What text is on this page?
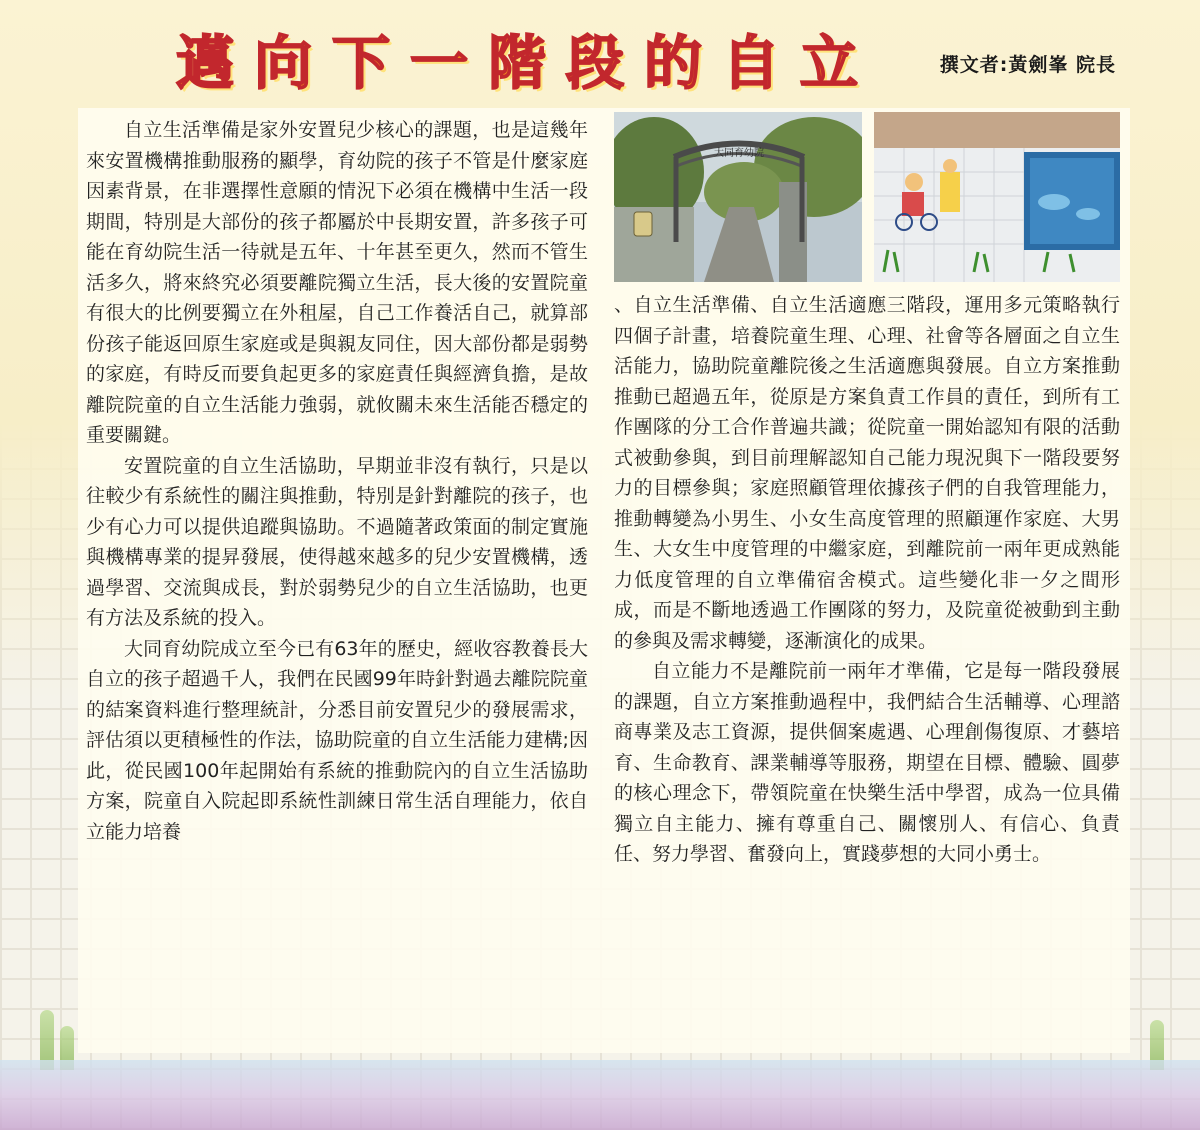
邁 向 下 一 階 段 的 自 立	撰文者:黃劍峯 院長
大同育幼院

自立生活準備是家外安置兒少核心的課題，也是這幾年來安置機構推動服務的顯學，育幼院的孩子不管是什麼家庭因素背景，在非選擇性意願的情況下必須在機構中生活一段期間，特別是大部份的孩子都屬於中長期安置，許多孩子可能在育幼院生活一待就是五年、十年甚至更久，然而不管生活多久，將來終究必須要離院獨立生活，長大後的安置院童有很大的比例要獨立在外租屋，自己工作養活自己，就算部份孩子能返回原生家庭或是與親友同住，因大部份都是弱勢的家庭，有時反而要負起更多的家庭責任與經濟負擔，是故離院院童的自立生活能力強弱，就攸關未來生活能否穩定的重要關鍵。

安置院童的自立生活協助，早期並非沒有執行，只是以往較少有系統性的關注與推動，特別是針對離院的孩子，也少有心力可以提供追蹤與協助。不過隨著政策面的制定實施與機構專業的提昇發展，使得越來越多的兒少安置機構，透過學習、交流與成長，對於弱勢兒少的自立生活協助，也更有方法及系統的投入。

大同育幼院成立至今已有63年的歷史，經收容教養長大自立的孩子超過千人，我們在民國99年時針對過去離院院童的結案資料進行整理統計，分悉目前安置兒少的發展需求，評估須以更積極性的作法，協助院童的自立生活能力建構;因此，從民國100年起開始有系統的推動院內的自立生活協助方案，院童自入院起即系統性訓練日常生活自理能力，依自立能力培養

、自立生活準備、自立生活適應三階段，運用多元策略執行四個子計畫，培養院童生理、心理、社會等各層面之自立生活能力，協助院童離院後之生活適應與發展。自立方案推動推動已超過五年，從原是方案負責工作員的責任，到所有工作團隊的分工合作普遍共識；從院童一開始認知有限的活動式被動參與，到目前理解認知自己能力現況與下一階段要努力的目標參與；家庭照顧管理依據孩子們的自我管理能力，推動轉變為小男生、小女生高度管理的照顧運作家庭、大男生、大女生中度管理的中繼家庭，到離院前一兩年更成熟能力低度管理的自立準備宿舍模式。這些變化非一夕之間形成，而是不斷地透過工作團隊的努力，及院童從被動到主動的參與及需求轉變，逐漸演化的成果。

自立能力不是離院前一兩年才準備，它是每一階段發展的課題，自立方案推動過程中，我們結合生活輔導、心理諮商專業及志工資源，提供個案處遇、心理創傷復原、才藝培育、生命教育、課業輔導等服務，期望在目標、體驗、圓夢的核心理念下，帶領院童在快樂生活中學習，成為一位具備獨立自主能力、擁有尊重自己、關懷別人、有信心、負責任、努力學習、奮發向上，實踐夢想的大同小勇士。
